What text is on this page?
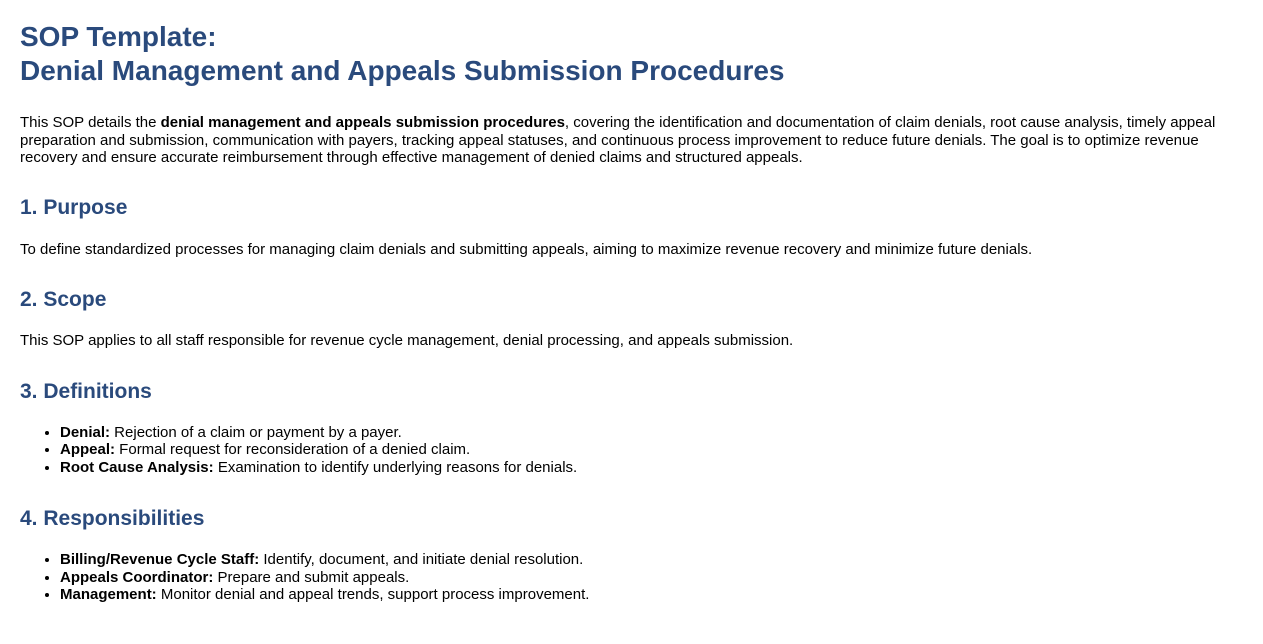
SOP Template:
Denial Management and Appeals Submission Procedures

This SOP details the denial management and appeals submission procedures, covering the identification and documentation of claim denials, root cause analysis, timely appeal preparation and submission, communication with payers, tracking appeal statuses, and continuous process improvement to reduce future denials. The goal is to optimize revenue recovery and ensure accurate reimbursement through effective management of denied claims and structured appeals.

1. Purpose

To define standardized processes for managing claim denials and submitting appeals, aiming to maximize revenue recovery and minimize future denials.

2. Scope

This SOP applies to all staff responsible for revenue cycle management, denial processing, and appeals submission.

3. Definitions
• Denial: Rejection of a claim or payment by a payer.
• Appeal: Formal request for reconsideration of a denied claim.
• Root Cause Analysis: Examination to identify underlying reasons for denials.
4. Responsibilities
• Billing/Revenue Cycle Staff: Identify, document, and initiate denial resolution.
• Appeals Coordinator: Prepare and submit appeals.
• Management: Monitor denial and appeal trends, support process improvement.
